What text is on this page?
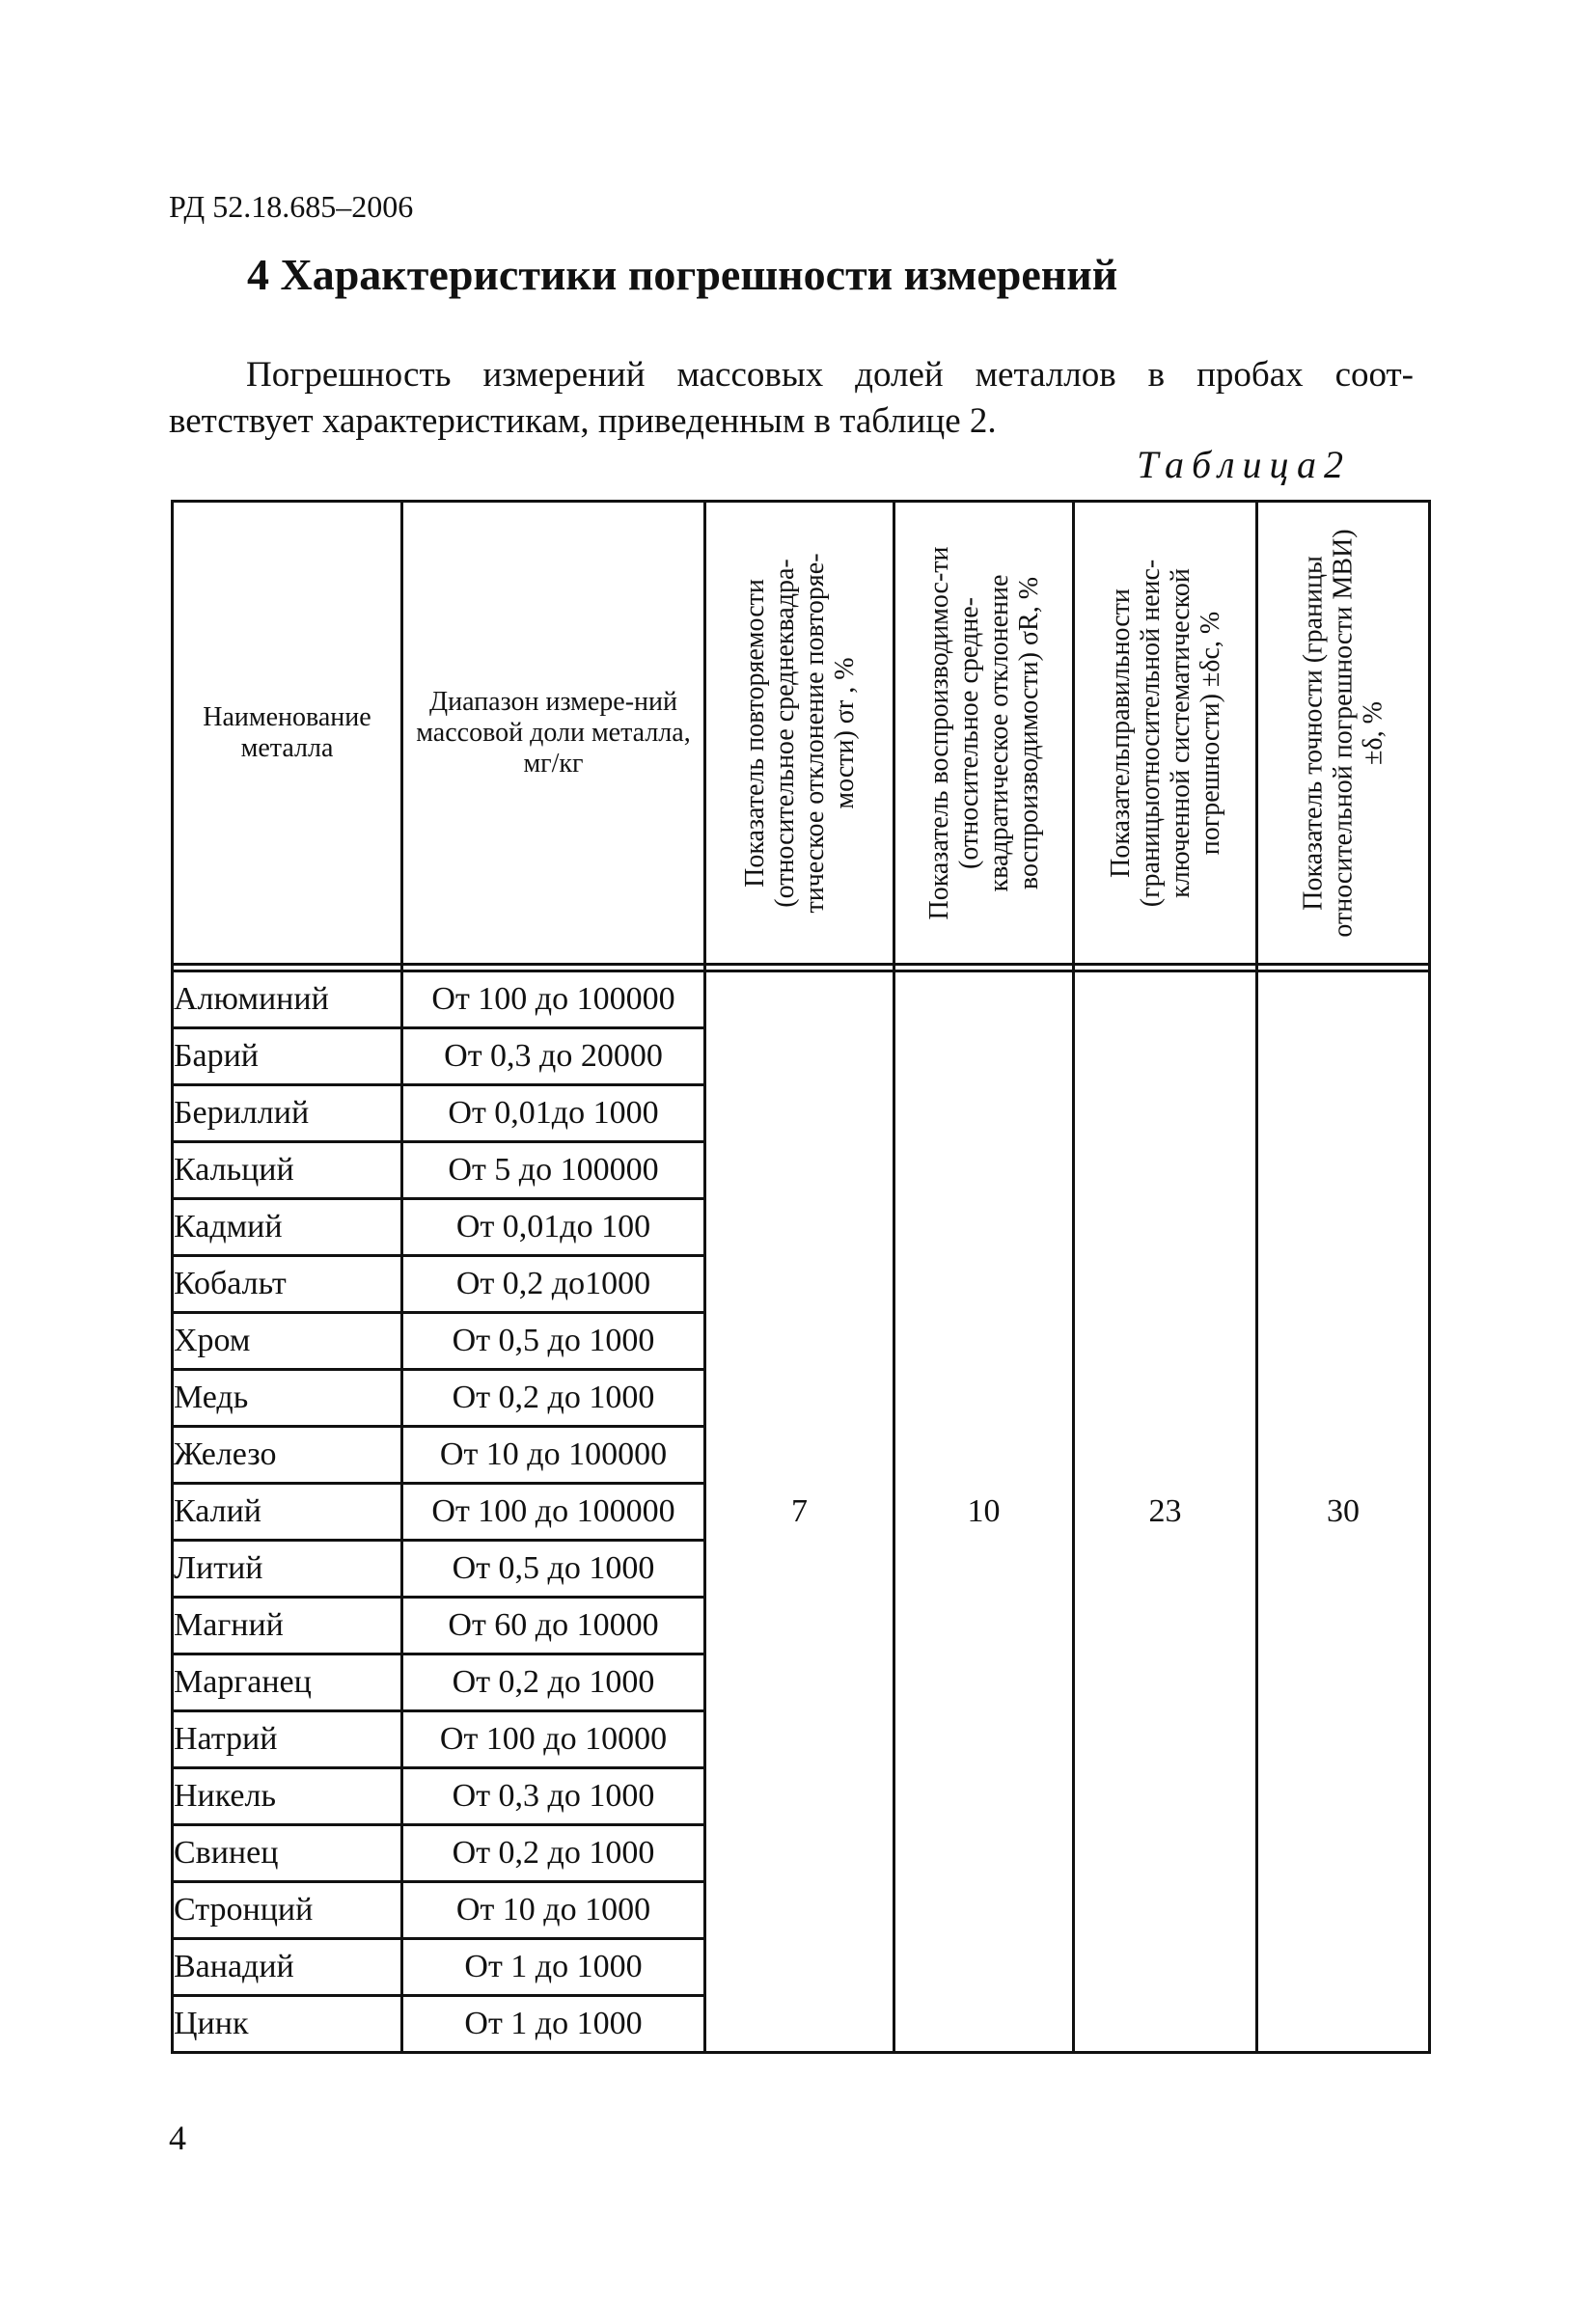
РД 52.18.685–2006
4 Характеристики погрешности измерений
Погрешность измерений массовых долей металлов в пробах соот-
ветствует характеристикам, приведенным в таблице 2.
Таблица2
Наименование металла	Диапазон измере-ний массовой доли металла, мг/кг	Показатель повторяемости (относительное среднеквадра-тическое отклонение повторяе-мости) σr , %	Показатель воспроизводимос-ти (относительное средне-квадратическое отклонение воспроизводимости) σR, %	Показательправильности (границыотносительной неис-ключенной систематической погрешности) ±δc, %	Показатель точности (границы относительной погрешности МВИ) ±δ, %

Алюминий	От 100 до 100000	7	10	23	30
Барий	От 0,3 до 20000				
Бериллий	От 0,01до 1000				
Кальций	От 5 до 100000				
Кадмий	От 0,01до 100				
Кобальт	От 0,2 до1000				
Хром	От 0,5 до 1000				
Медь	От 0,2 до 1000				
Железо	От 10 до 100000				
Калий	От 100 до 100000				
Литий	От 0,5 до 1000				
Магний	От 60 до 10000				
Марганец	От 0,2 до 1000				
Натрий	От 100 до 10000				
Никель	От 0,3 до 1000				
Свинец	От 0,2 до 1000				
Стронций	От 10 до 1000				
Ванадий	От 1 до 1000				
Цинк	От 1 до 1000				
4
